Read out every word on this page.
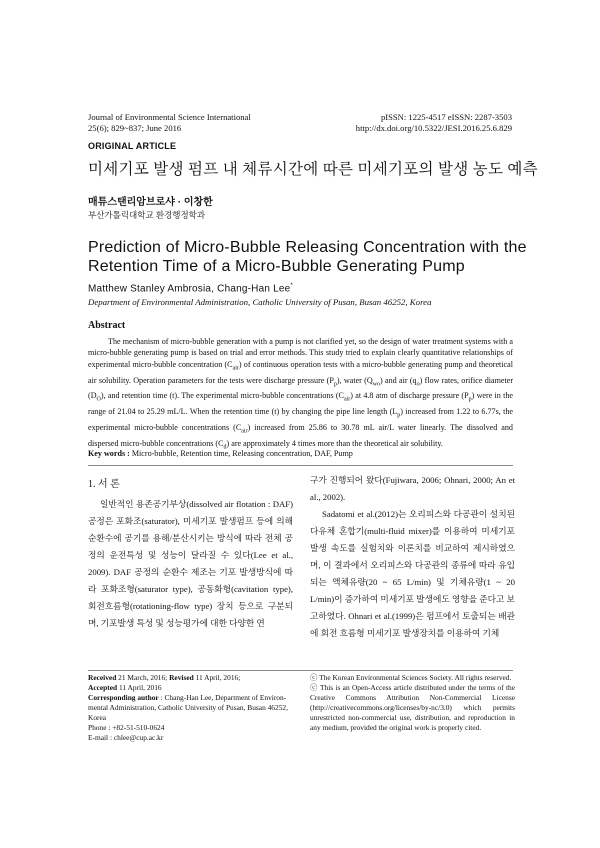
Journal of Environmental Science International
25(6); 829~837; June 2016
pISSN: 1225-4517 eISSN: 2287-3503
http://dx.doi.org/10.5322/JESI.2016.25.6.829
ORIGINAL ARTICLE
미세기포 발생 펌프 내 체류시간에 따른 미세기포의 발생 농도 예측
매튜스탠리암브로샤 · 이창한
부산가톨릭대학교 환경행정학과
Prediction of Micro-Bubble Releasing Concentration with the Retention Time of a Micro-Bubble Generating Pump
Matthew Stanley Ambrosia, Chang-Han Lee*
Department of Environmental Administration, Catholic University of Pusan, Busan 46252, Korea
Abstract
The mechanism of micro-bubble generation with a pump is not clarified yet, so the design of water treatment systems with a micro-bubble generating pump is based on trial and error methods. This study tried to explain clearly quantitative relationships of experimental micro-bubble concentration $(C_{air})$ of continuous operation tests with a micro-bubble generating pump and theoretical air solubility. Operation parameters for the tests were discharge pressure $(P_p)$, water $(Q_{wo})$ and air $(q_o)$ flow rates, orifice diameter $(D_O)$, and retention time (t). The experimental micro-bubble concentrations $(C_{air})$ at 4.8 atm of discharge pressure $(P_p)$ were in the range of 21.04 to 25.29 mL/L. When the retention time (t) by changing the pipe line length $(L_p)$ increased from 1.22 to 6.77s, the experimental micro-bubble concentrations $(C_{air})$ increased from 25.86 to 30.78 mL air/L water linearly. The dissolved and dispersed micro-bubble concentrations $(C_d)$ are approximately 4 times more than the theoretical air solubility.
Key words : Micro-bubble, Retention time, Releasing concentration, DAF, Pump
1. 서 론

일반적인 용존공기부상(dissolved air flotation : DAF) 공정은 포화조(saturator), 미세기포 발생펌프 등에 의해 순환수에 공기를 용해/분산시키는 방식에 따라 전체 공정의 운전특성 및 성능이 달라질 수 있다(Lee et al., 2009). DAF 공정의 순환수 제조는 기포 발생방식에 따라 포화조형(saturator type), 공동화형(cavitation type), 회전흐름형(rotationing-flow type) 장치 등으로 구분되며, 기포발생 특성 및 성능평가에 대한 다양한 연

구가 진행되어 왔다(Fujiwara, 2006; Ohnari, 2000; An et al., 2002).

Sadatomi et al.(2012)는 오리피스와 다공관이 설치된 다유체 혼합기(multi-fluid mixer)를 이용하여 미세기포 발생 속도를 실험치와 이론치를 비교하여 제시하였으며, 이 결과에서 오리피스와 다공관의 종류에 따라 유입되는 액체유량(20 ~ 65 L/min) 및 기체유량(1 ~ 20 L/min)이 증가하여 미세기포 발생에도 영향을 준다고 보고하였다. Ohnari et al.(1999)은 펌프에서 토출되는 배관에 회전 흐름형 미세기포 발생장치를 이용하여 기체

Received 21 March, 2016; Revised 11 April, 2016;
Accepted 11 April, 2016
Corresponding author : Chang-Han Lee, Department of Environ-mental Administration, Catholic University of Pusan, Busan 46252, Korea
Phone : +82-51-510-0624
E-mail : chlee@cup.ac.kr
ⓒ The Korean Environmental Sciences Society. All rights reserved.
ⓒ This is an Open-Access article distributed under the terms of the Creative Commons Attribution Non-Commercial License (http://creativecommons.org/licenses/by-nc/3.0) which permits unrestricted non-commercial use, distribution, and reproduction in any medium, provided the original work is properly cited.
